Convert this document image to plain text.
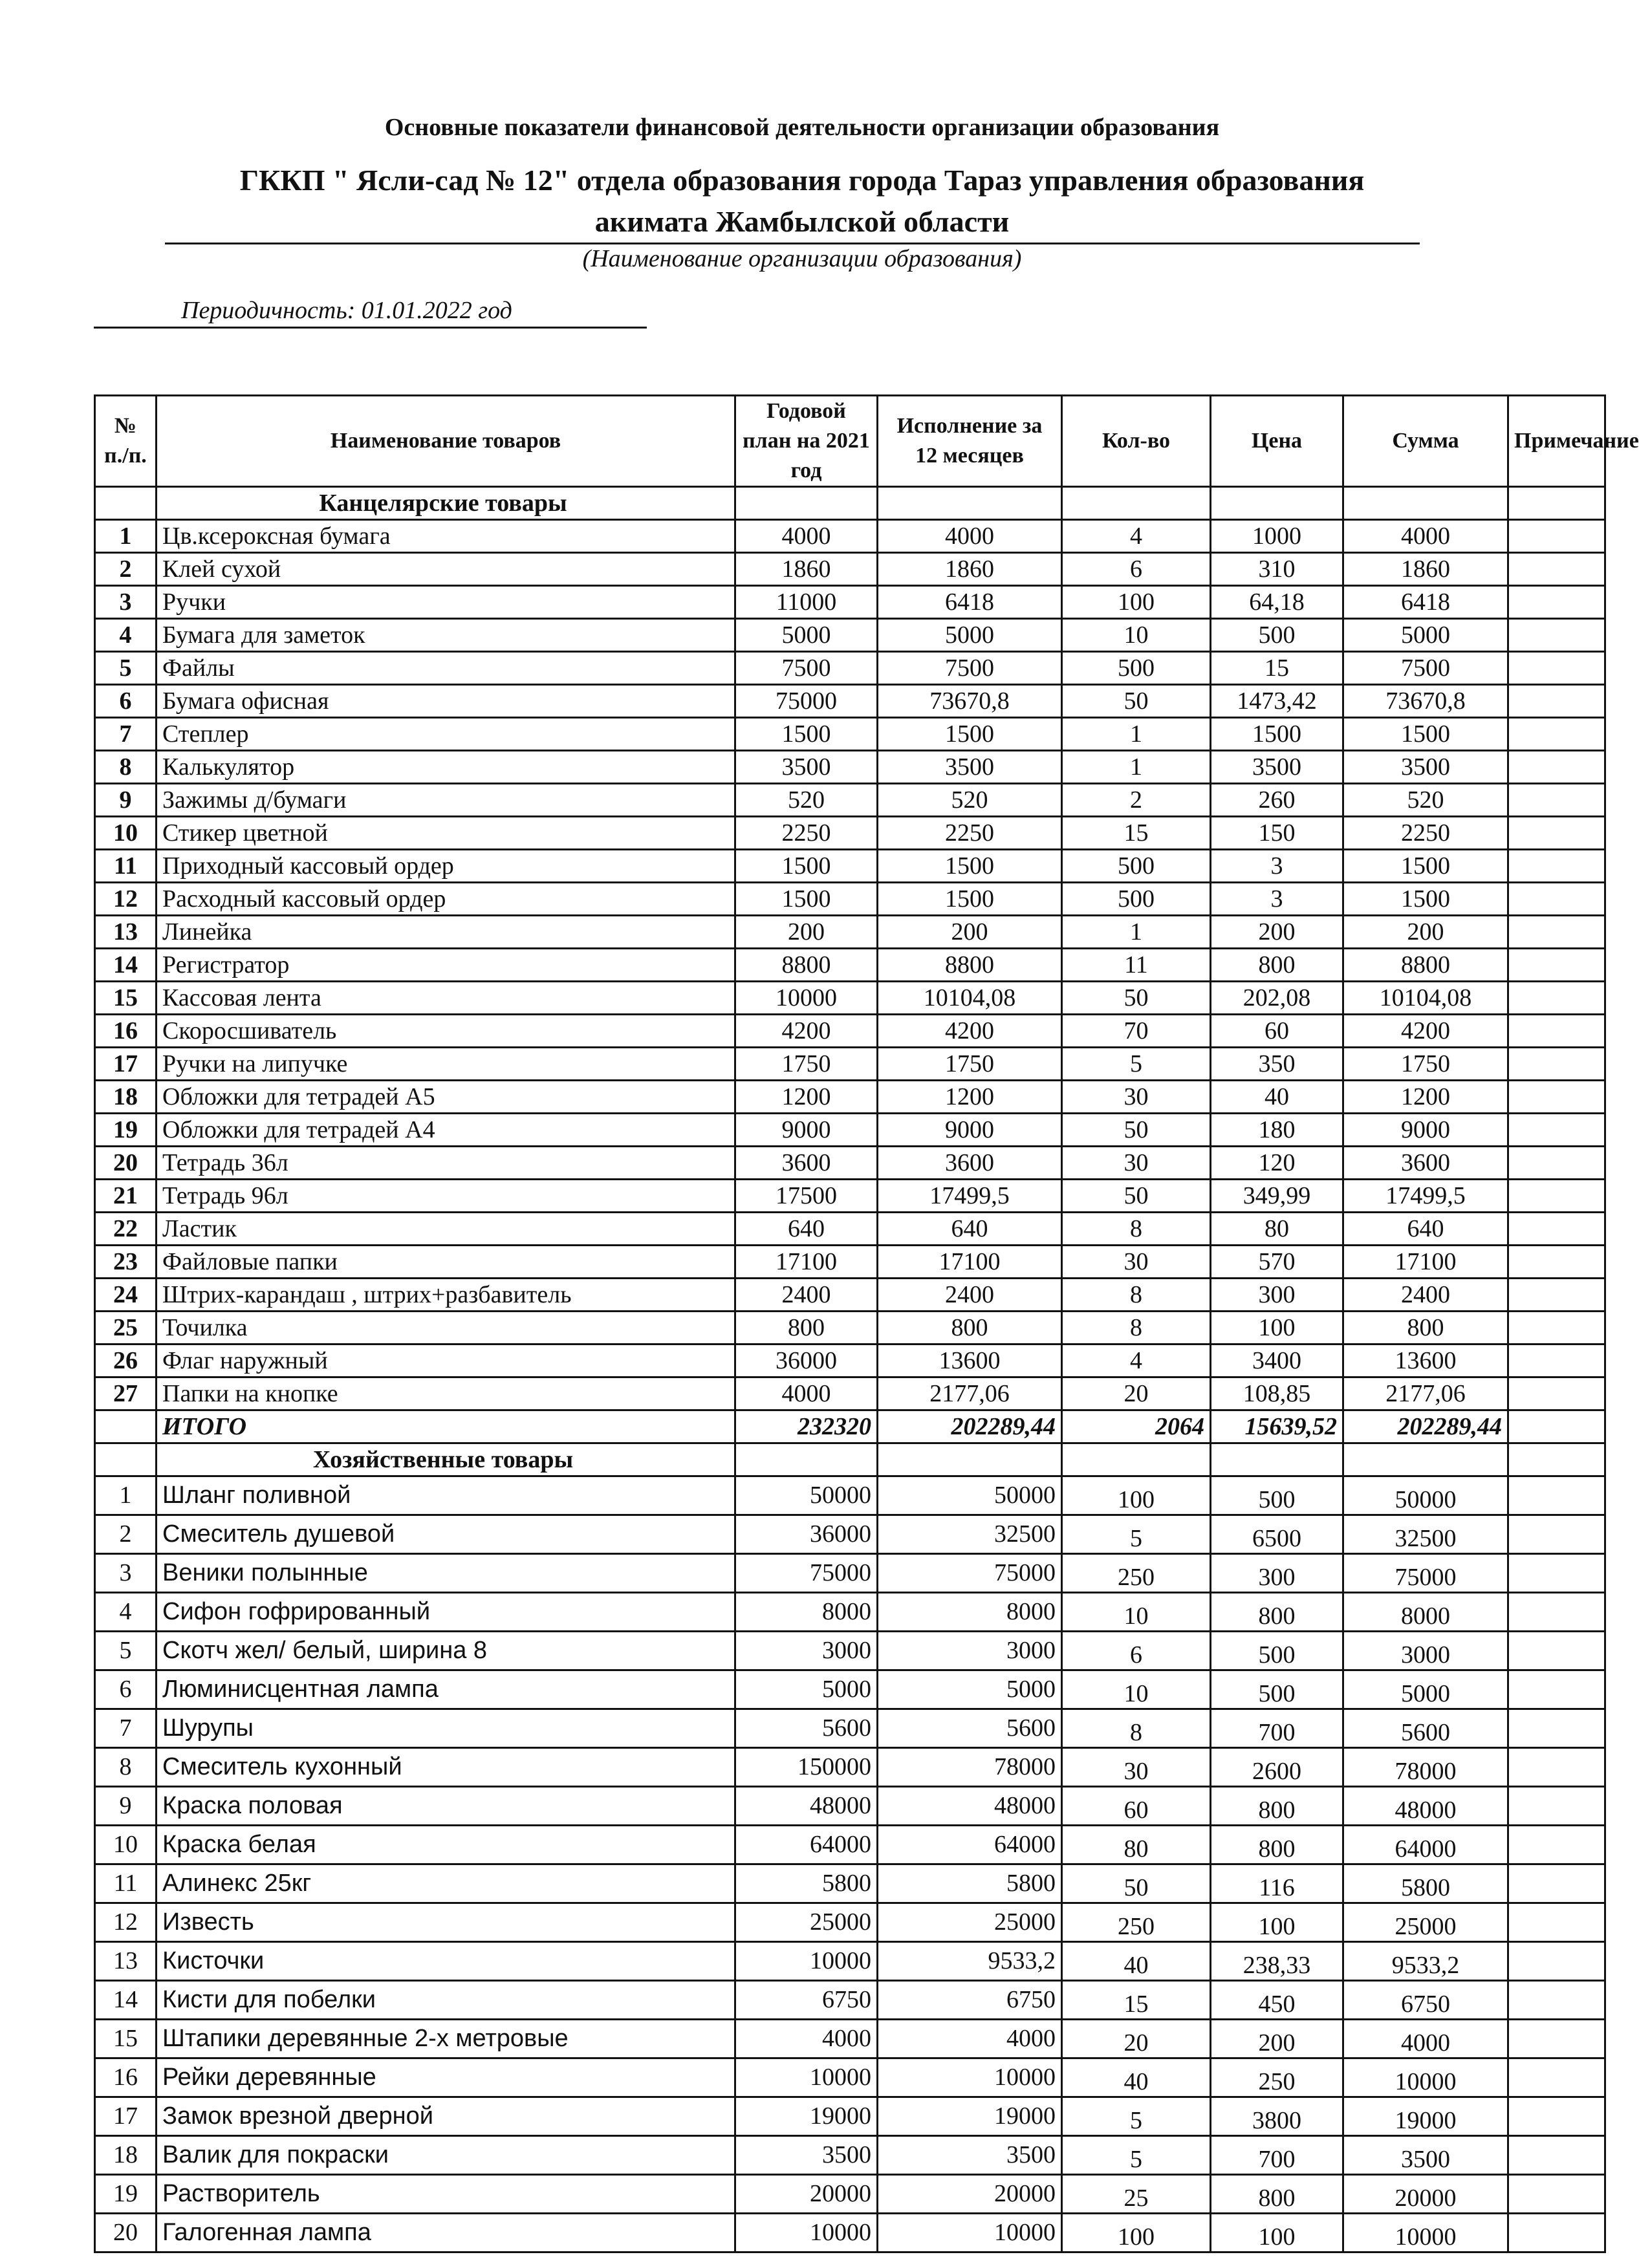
Основные показатели финансовой деятельности организации образования
ГККП " Ясли-сад № 12" отдела образования города Тараз управления образования
акимата Жамбылской области
(Наименование организации образования)
Периодичность: 01.01.2022 год
№ п./п.	Наименование товаров	Годовой план на 2021 год	Исполнение за 12 месяцев	Кол-во	Цена	Сумма	Примечание
	Канцелярские товары						
1	Цв.ксероксная бумага	4000	4000	4	1000	4000	
2	Клей сухой	1860	1860	6	310	1860	
3	Ручки	11000	6418	100	64,18	6418	
4	Бумага для заметок	5000	5000	10	500	5000	
5	Файлы	7500	7500	500	15	7500	
6	Бумага офисная	75000	73670,8	50	1473,42	73670,8	
7	Степлер	1500	1500	1	1500	1500	
8	Калькулятор	3500	3500	1	3500	3500	
9	Зажимы д/бумаги	520	520	2	260	520	
10	Стикер цветной	2250	2250	15	150	2250	
11	Приходный кассовый ордер	1500	1500	500	3	1500	
12	Расходный кассовый ордер	1500	1500	500	3	1500	
13	Линейка	200	200	1	200	200	
14	Регистратор	8800	8800	11	800	8800	
15	Кассовая лента	10000	10104,08	50	202,08	10104,08	
16	Скоросшиватель	4200	4200	70	60	4200	
17	Ручки на липучке	1750	1750	5	350	1750	
18	Обложки для тетрадей А5	1200	1200	30	40	1200	
19	Обложки для тетрадей А4	9000	9000	50	180	9000	
20	Тетрадь 36л	3600	3600	30	120	3600	
21	Тетрадь 96л	17500	17499,5	50	349,99	17499,5	
22	Ластик	640	640	8	80	640	
23	Файловые папки	17100	17100	30	570	17100	
24	Штрих-карандаш , штрих+разбавитель	2400	2400	8	300	2400	
25	Точилка	800	800	8	100	800	
26	Флаг наружный	36000	13600	4	3400	13600	
27	Папки на кнопке	4000	2177,06	20	108,85	2177,06	
	ИТОГО	232320	202289,44	2064	15639,52	202289,44	
	Хозяйственные товары						
1	Шланг поливной	50000	50000	100	500	50000	
2	Смеситель душевой	36000	32500	5	6500	32500	
3	Веники полынные	75000	75000	250	300	75000	
4	Сифон гофрированный	8000	8000	10	800	8000	
5	Скотч жел/ белый, ширина 8	3000	3000	6	500	3000	
6	Люминисцентная лампа	5000	5000	10	500	5000	
7	Шурупы	5600	5600	8	700	5600	
8	Смеситель кухонный	150000	78000	30	2600	78000	
9	Краска половая	48000	48000	60	800	48000	
10	Краска белая	64000	64000	80	800	64000	
11	Алинекс 25кг	5800	5800	50	116	5800	
12	Известь	25000	25000	250	100	25000	
13	Кисточки	10000	9533,2	40	238,33	9533,2	
14	Кисти для побелки	6750	6750	15	450	6750	
15	Штапики деревянные 2-х метровые	4000	4000	20	200	4000	
16	Рейки деревянные	10000	10000	40	250	10000	
17	Замок врезной дверной	19000	19000	5	3800	19000	
18	Валик для покраски	3500	3500	5	700	3500	
19	Растворитель	20000	20000	25	800	20000	
20	Галогенная лампа	10000	10000	100	100	10000	
